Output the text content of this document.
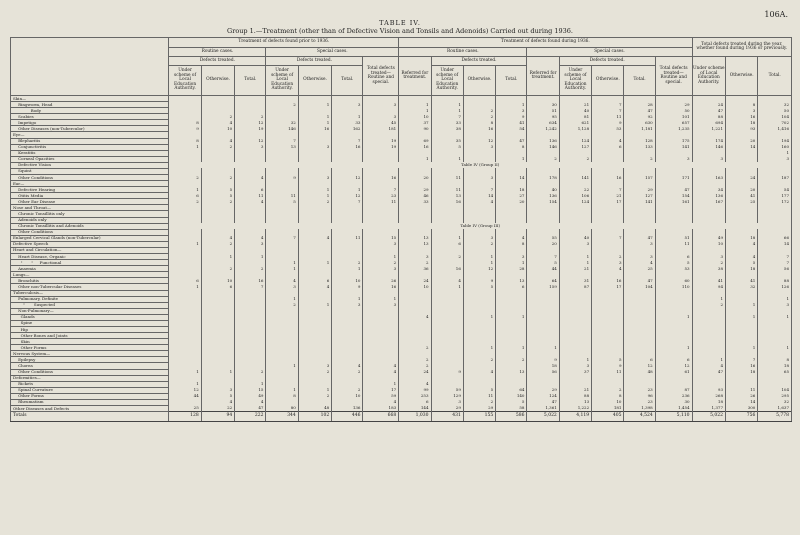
106A.
TABLE IV.
Group 1.—Treatment (other than of Defective Vision and Tonsils and Adenoids) Carried out during 1936.
	Treatment of defects found prior to 1936.							Treatment of defects found during 1936.									Total defects treated during the year, whether found during 1936 or previously.		
	Routine cases.			Special cases.				Routine cases.				Special cases.							
	Defects treated.			Defects treated.			Total defects treated— Routine and special.	Referred for treatment.	Defects treated.			Referred for treatment.	Defects treated.			Total defects treated— Routine and special.	Under scheme of Local Education Authority.	Otherwise.	Total.
	Under scheme of Local Education Authority.	Otherwise.	Total.	Under scheme of Local Education Authority.	Otherwise.	Total.			Under scheme of Local Education Authority.	Otherwise.	Total.		Under scheme of Local Education Authority.	Otherwise.	Total.				
Skin—																			
Ringworm, Head				2	1	3	3	1	1		1	30	21	7	28	29	24	8	32
Body								1	1	2	3	51	40	7	47	50	47	3	50
Scabies		2	2		1	1	3	10	7	2	9	95	81	11	92	101	88	16	104
Impetigo	8	4	12	32	1	33	45	37	33	8	41	634	621	9	630	657	694	18	702
Other Diseases (non-Tuberculor)	9	10	19	146	16	162	181	90	38	16	54	1,242	1,128	53	1,181	1,235	1,221	93	1,416
Eye—																			
Blepharitis	8	4	12	7		7	19	69	35	12	47	136	124	4	128	175	174	20	194
Conjunctivitis	1	2	3	13	3	16	19	16	5	3	8	146	127	6	133	141	146	14	160
Keratitis																			1
Corneal Opacities								1	1		1	2	2		2	3	3		3
Defective Vision	Table IV (Group II)																		
Squint																			
Other Conditions	2	2	4	9	3	12	16	20	11	3	14	178	141	16	157	171	163	24	187
Ear—																			
Defective Hearing	1	5	6		1	1	7	29	11	7	18	40	22	7	29	47	34	20	54
Otitis Media	6	5	11	11	1	12	23	46	13	14	27	136	106	21	127	154	136	41	177
Other Ear Disease	2	2	4	5	2	7	11	33	16	4	20	154	124	17	141	161	167	25	172
Nose and Throat—																			
Chronic Tonsillitis only																			
Adenoids only																			
Chronic Tonsillitis and Adenoids	Table IV (Group III)																		
Other Conditions																			
Enlarged Cervical Glands (non-Tubercular)		4	4	7	4	11	15	13	1	3	4	55	40	7	47	51	49	18	66
Defective Speech	1	2	3				3	13	6	2	8	20	3		3	11	10	4	14
Heart and Circulation—																			
Heart Disease, Organic		1	1				1	3	2	1	3	7	1	2	3	6	3	4	7
"       "     Functional				1	1	2	2	2		1	1	5	1	3	4	5	2	5	7
Anaemia		2	2	1		1	3	36	16	12	28	44	21	4	25	53	38	18	56
Lungs—																			
Bronchitis	6	10	16	4	6	10	26	24	4	9	13	64	31	16	47	60	41	41	88
Other non-Tubercular Diseases	1	6	7	3	4	9	16	10	1	5	6	159	87	17	104	110	94	32	126
Tuberculosis—																			
Pulmonary, Definite				1		1	1										1		1
"       Suspected				2	1	3	3										2	1	3
Non-Pulmonary—																			
Glands								4		1	1					1		1	1
Spine																			
Hip																			
Other Bones and Joints																			
Skin																			
Other Forms								2		1	1	1				1		1	1
Nervous System—																			
Epilepsy								2		2	2	9	1	5	6	6	1	7	8
Chorea				1	3	4	4	2				18	3	9	12	12	4	16	18
Other Conditions	1	1	2		2	2	4	24	9	4	13	56	37	11	48	61	47	18	65
Deformities—																			
Rickets	1		1				1	4											
Spinal Curvature	12	3	15	1	1	2	17	99	59	5	64	29	21	2	23	87	93	11	104
Other Forms	44	5	49	8	2	10	59	253	129	11	140	124	88	8	96	236	268	26	295
Rheumatism		4	4				4	6	3	2	5	47	13	10	23	30	18	14	32
Other Diseases and Defects	25	22	47	80	48	136	183	144	29	29	58	1,361	1,222	181	1,398	1,454	1,377	300	1,637
Totals	128	94	222	344	102	446	668	1,030	431	155	586	5,022	4,119	405	4,524	5,110	5,022	756	5,778
